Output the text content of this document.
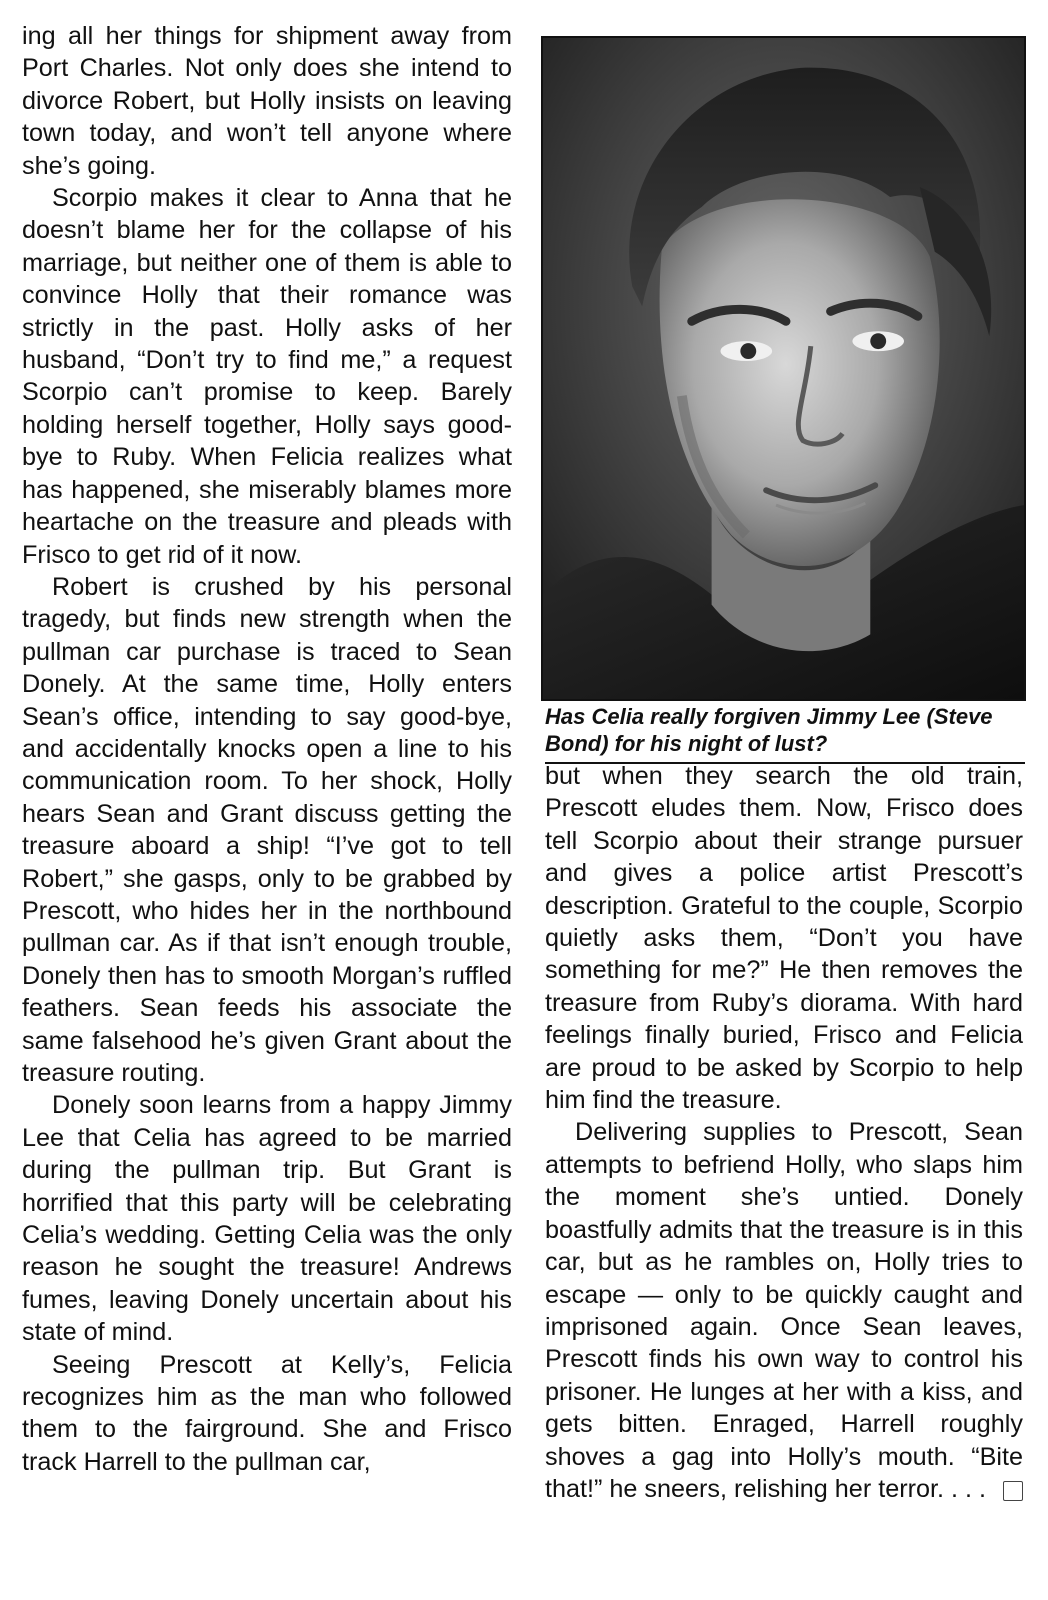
ing all her things for shipment away from Port Charles. Not only does she intend to divorce Robert, but Holly insists on leaving town today, and won’t tell anyone where she’s going.

Scorpio makes it clear to Anna that he doesn’t blame her for the collapse of his marriage, but neither one of them is able to convince Holly that their romance was strictly in the past. Holly asks of her husband, “Don’t try to find me,” a request Scorpio can’t promise to keep. Barely holding herself together, Holly says good-bye to Ruby. When Felicia realizes what has happened, she miserably blames more heartache on the treasure and pleads with Frisco to get rid of it now.

Robert is crushed by his personal tragedy, but finds new strength when the pullman car purchase is traced to Sean Donely. At the same time, Holly enters Sean’s office, intending to say good-bye, and accidentally knocks open a line to his communication room. To her shock, Holly hears Sean and Grant discuss getting the treasure aboard a ship! “I’ve got to tell Robert,” she gasps, only to be grabbed by Prescott, who hides her in the northbound pullman car. As if that isn’t enough trouble, Donely then has to smooth Morgan’s ruffled feathers. Sean feeds his associate the same falsehood he’s given Grant about the treasure routing.

Donely soon learns from a happy Jimmy Lee that Celia has agreed to be married during the pullman trip. But Grant is horrified that this party will be celebrating Celia’s wedding. Getting Celia was the only reason he sought the treasure! Andrews fumes, leaving Donely uncertain about his state of mind.

Seeing Prescott at Kelly’s, Felicia recognizes him as the man who followed them to the fairground. She and Frisco track Harrell to the pullman car,

Has Celia really forgiven Jimmy Lee (Steve Bond) for his night of lust?

but when they search the old train, Prescott eludes them. Now, Frisco does tell Scorpio about their strange pursuer and gives a police artist Prescott’s description. Grateful to the couple, Scorpio quietly asks them, “Don’t you have something for me?” He then removes the treasure from Ruby’s diorama. With hard feelings finally buried, Frisco and Felicia are proud to be asked by Scorpio to help him find the treasure.

Delivering supplies to Prescott, Sean attempts to befriend Holly, who slaps him the moment she’s untied. Donely boastfully admits that the treasure is in this car, but as he rambles on, Holly tries to escape — only to be quickly caught and imprisoned again. Once Sean leaves, Prescott finds his own way to control his prisoner. He lunges at her with a kiss, and gets bitten. Enraged, Harrell roughly shoves a gag into Holly’s mouth. “Bite that!” he sneers, relishing her terror. . . .
